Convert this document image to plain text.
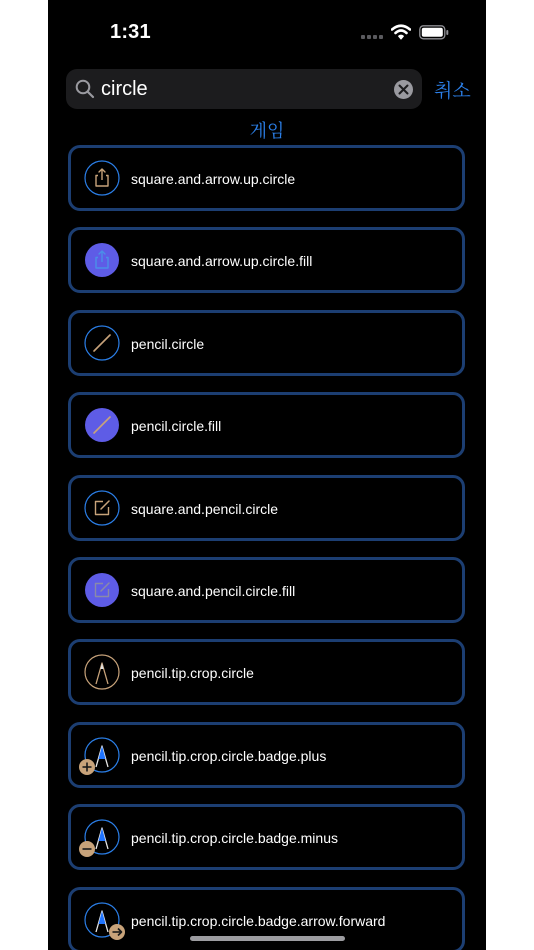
1:31
circle
취소
게임
square.and.arrow.up.circle
square.and.arrow.up.circle.fill
pencil.circle
pencil.circle.fill
square.and.pencil.circle
square.and.pencil.circle.fill
pencil.tip.crop.circle
pencil.tip.crop.circle.badge.plus
pencil.tip.crop.circle.badge.minus
pencil.tip.crop.circle.badge.arrow.forward
